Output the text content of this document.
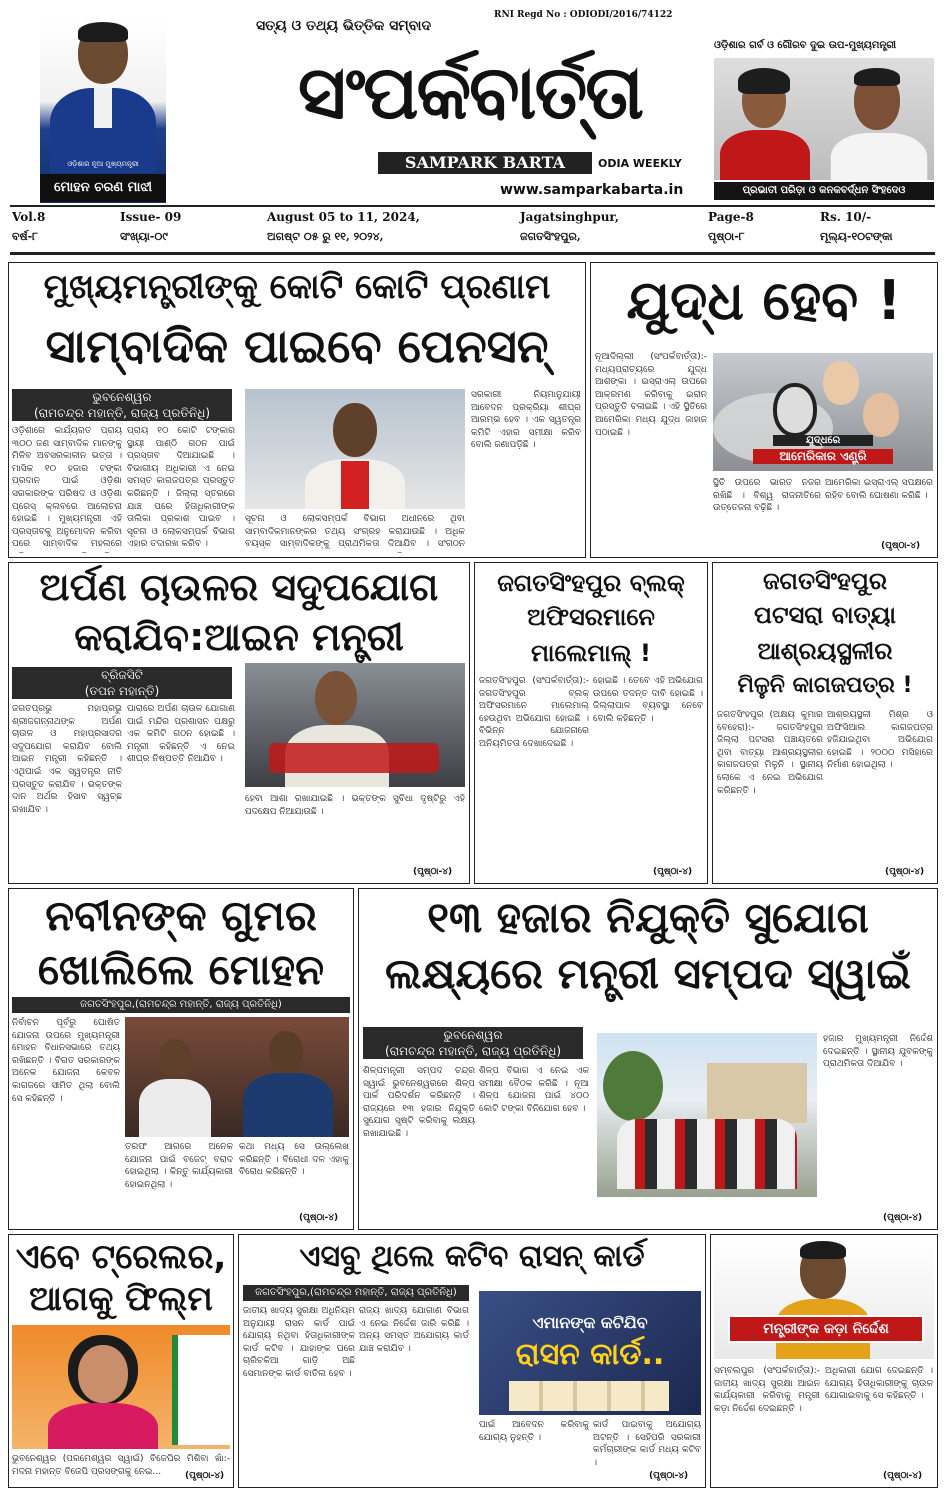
ଓଡ଼ିଶାର ନୂଆ ମୁଖ୍ୟମନ୍ତ୍ରୀ
ମୋହନ ଚରଣ ମାଝୀ
ସତ୍ୟ ଓ ତଥ୍ୟ ଭିତ୍ତିକ ସମ୍ବାଦ
RNI Regd No : ODIODI/2016/74122
ସଂପର୍କବାର୍ତ୍ତା
SAMPARK BARTA	ODIA WEEKLY
www.samparkabarta.in
ଓଡ଼ିଶାର ଗର୍ବ ଓ ଗୌରବ ଦୁଇ ଉପ-ମୁଖ୍ୟମନ୍ତ୍ରୀ
ପ୍ରଭାତୀ ପରିଡ଼ା ଓ କନକବର୍ଦ୍ଧନ ସିଂହଦେଓ
Vol.8
ବର୍ଷ-୮
Issue- 09
ସଂଖ୍ୟା-୦୯
August 05 to 11, 2024,
ଅଗଷ୍ଟ ୦୫ ରୁ ୧୧, ୨୦୨୪,
Jagatsinghpur,
ଜଗତସିଂହପୁର,
Page-8
ପୃଷ୍ଠା-୮
Rs. 10/-
ମୂଲ୍ୟ-୧୦ଟଙ୍କା
ମୁଖ୍ୟମନ୍ତ୍ରୀଙ୍କୁ କୋଟି କୋଟି ପ୍ରଣାମ
ସାମ୍ବାଦିକ ପାଇବେ ପେନସନ୍
ଭୁବନେଶ୍ୱର
(ରାମଚନ୍ଦ୍ର ମହାନ୍ତି, ରାଜ୍ୟ ପ୍ରତିନିଧି)
ଓଡ଼ିଶାରେ କାର୍ଯ୍ୟରତ ପ୍ରାୟ ୩୦୦ ଜଣ ସାମ୍ବାଦିକ ମାନଙ୍କୁ ମିଳିବ ଅବସରକାଳୀନ ଭତ୍ତା । ମାସିକ ୧୦ ହଜାର ଟଙ୍କା ପ୍ରଦାନ ପାଇଁ ଓଡ଼ିଶା ସରକାରଙ୍କ ପରିଷଦ ଓ ଓଡ଼ିଶା ପ୍ରେସ୍ କ୍ଲବରେ ଆଲୋଚନା ହୋଇଛି । ମୁଖ୍ୟମନ୍ତ୍ରୀ ଏହି ପ୍ରସ୍ତାବକୁ ଅନୁମୋଦନ କରିବା ପରେ ସାମ୍ବାଦିକ ମହଲରେ
ପ୍ରାୟ ୧୦ କୋଟି ଟଙ୍କାର ସ୍ଥାୟୀ ପାଣ୍ଠି ଗଠନ ପାଇଁ ପ୍ରସ୍ତାବ ଦିଆଯାଇଛି । ବିଭାଗୀୟ ଅଧିକାରୀ ଏ ନେଇ ସମସ୍ତ କାଗଜପତ୍ର ପ୍ରସ୍ତୁତ କରିଛନ୍ତି । ଜିଲ୍ଲା ସ୍ତରରେ ଯାଞ୍ଚ ପରେ ହିତାଧିକାରୀଙ୍କ ତାଲିକା ପ୍ରକାଶ ପାଇବ । ସୂଚନା ଓ ଲୋକସମ୍ପର୍କ ବିଭାଗ ଏହାର ତଦାରଖ କରିବ ।
ସୂଚନା ଓ ଲୋକସମ୍ପର୍କ ବିଭାଗ ଅଧୀନରେ ଥିବା ସାମ୍ବାଦିକମାନଙ୍କର ତଥ୍ୟ ସଂଗ୍ରହ କରାଯାଉଛି । ଅଧିକ ବୟସ୍କ ସାମ୍ବାଦିକଙ୍କୁ ପ୍ରାଥମିକତା ଦିଆଯିବ । ସଂଗଠନ
ସରକାରୀ ନିୟମାନୁଯାୟୀ ଆବେଦନ ପ୍ରକ୍ରିୟା ଶୀଘ୍ର ଆରମ୍ଭ ହେବ । ଏକ ସ୍ୱତନ୍ତ୍ର କମିଟି ଏହାର ସମୀକ୍ଷା କରିବ ବୋଲି ଜଣାପଡ଼ିଛି ।
ଯୁଦ୍ଧ ହେବ !
ନୂଆଦିଲ୍ଲୀ (ସଂପର୍କବାର୍ତ୍ତା):- ମଧ୍ୟପ୍ରାଚ୍ୟରେ ଯୁଦ୍ଧ ଆଶଙ୍କା । ଇସ୍ରାଏଲ୍ ଉପରେ ଆକ୍ରମଣ କରିବାକୁ ଇରାନ୍ ପ୍ରସ୍ତୁତି ଚଳାଇଛି । ଏହି ସ୍ଥିତିରେ ଆମେରିକା ମଧ୍ୟ ଯୁଦ୍ଧ ଜାହାଜ ପଠାଇଛି ।
ଯୁଦ୍ଧରେ
ଆମେରିକାର ଏଣ୍ଟ୍ରି
ସ୍ଥିତି ଉପରେ ଭାରତ ନଜର ରଖିଛି । ବିଶ୍ୱ ରାଜନୀତିରେ ଉତ୍ତେଜନା ବଢ଼ିଛି ।
ଆମେରିକା ଇସ୍ରାଏଲ୍ ସପକ୍ଷରେ ରହିବ ବୋଲି ଘୋଷଣା କରିଛି ।
(ପୃଷ୍ଠା-୪)
ଅର୍ପଣ ଚାଉଳର ସଦୁପଯୋଗ
କରାଯିବ:ଆଇନ ମନ୍ତ୍ରୀ
ବ୍ରିଜସିଟି
(ତପନ ମହାନ୍ତି)
ଜଗତପ୍ରଭୁ ମହାପ୍ରଭୁ ଶ୍ରୀଜଗନ୍ନାଥଙ୍କ ଅର୍ପଣ ଚାଉଳ ଓ ମହାପ୍ରସାଦର ସଦୁପଯୋଗ କରାଯିବ ବୋଲି ଆଇନ ମନ୍ତ୍ରୀ କହିଛନ୍ତି । ଏଥିପାଇଁ ଏକ ସ୍ୱତନ୍ତ୍ର ନୀତି ପ୍ରସ୍ତୁତ କରାଯିବ । ଭକ୍ତଙ୍କ ଦାନ ଅର୍ଥର ହିସାବ ସ୍ୱଚ୍ଛ ରଖାଯିବ ।
ପାରାରେ ଅର୍ପଣ ଚାଉଳ ଯୋଗାଣ ପାଇଁ ମନ୍ଦିର ପ୍ରଶାସନ ପକ୍ଷରୁ ଏକ କମିଟି ଗଠନ ହୋଇଛି । ମନ୍ତ୍ରୀ କହିଛନ୍ତି ଏ ନେଇ ଶୀଘ୍ର ନିଷ୍ପତ୍ତି ନିଆଯିବ ।
ହେବା ଆଶା ରଖାଯାଇଛି । ଭକ୍ତଙ୍କ ସୁବିଧା ଦୃଷ୍ଟିରୁ ଏହି ପଦକ୍ଷେପ ନିଆଯାଉଛି ।
(ପୃଷ୍ଠା-୪)
ଜଗତସିଂହପୁର ବ୍ଲକ୍
ଅଫିସରମାନେ
ମାଲେମାଲ୍ !
ଜଗତସିଂହପୁର (ସଂପର୍କବାର୍ତ୍ତା):- ଜଗତସିଂହପୁର ବ୍ଲକ୍ ଅଫିସରମାନେ ମାଲେମାଲ୍ ହେଉଥିବା ଅଭିଯୋଗ ହୋଇଛି । ବିଭିନ୍ନ ଯୋଜନାରେ ଅନିୟମିତତା ଦେଖାଦେଇଛି ।
ହୋଇଛି । ତେବେ ଏହି ଅଭିଯୋଗ ଉପରେ ତଦନ୍ତ ଦାବି ହୋଇଛି । ଜିଲ୍ଲାପାଳ ବ୍ୟବସ୍ଥା ନେବେ ବୋଲି କହିଛନ୍ତି ।
(ପୃଷ୍ଠା-୪)
ଜଗତସିଂହପୁର
ପଟସରା ବାତ୍ୟା
ଆଶ୍ରୟସ୍ଥଳୀର
ମିଳୁନି କାଗଜପତ୍ର !
ଜଗତସିଂହପୁର (ଅକ୍ଷୟ କୁମାର ବେହେରା):- ଜଗତସିଂହପୁର ଜିଲ୍ଲା ପଟସରା ପଞ୍ଚାୟତରେ ଥିବା ବାତ୍ୟା ଆଶ୍ରୟସ୍ଥଳୀର କାଗଜପତ୍ର ମିଳୁନି । ସ୍ଥାନୀୟ ଲୋକେ ଏ ନେଇ ଅଭିଯୋଗ କରିଛନ୍ତି ।
ଆଶ୍ରୟସ୍ଥଳୀ ମିଶ୍ର ଓ ଅଫିସିଆଲ କାଗଜପତ୍ର ହଜିଯାଇଥିବା ଅଭିଯୋଗ ହୋଇଛି । ୨୦୦୦ ମସିହାରେ ନିର୍ମାଣ ହୋଇଥିଲା ।
(ପୃଷ୍ଠା-୪)
ନବୀନଙ୍କ ଗୁମର
ଖୋଲିଲେ ମୋହନ
ଜଗତସିଂହପୁର,(ରାମଚନ୍ଦ୍ର ମହାନ୍ତି, ରାଜ୍ୟ ପ୍ରତିନିଧି)
ନିର୍ବାଚନ ପୂର୍ବରୁ ଘୋଷିତ ଯୋଜନା ଉପରେ ମୁଖ୍ୟମନ୍ତ୍ରୀ ମୋହନ ବିଧାନସଭାରେ ତଥ୍ୟ ରଖିଛନ୍ତି । ବିଗତ ସରକାରଙ୍କ ଅନେକ ଯୋଜନା କେବଳ କାଗଜରେ ସୀମିତ ଥିଲା ବୋଲି ସେ କହିଛନ୍ତି ।
ତରଫ ଆଗରେ ଅନେକ ଯୋଜନା ପାଇଁ ବଜେଟ୍ ବରାଦ ହୋଇଥିଲା । କିନ୍ତୁ କାର୍ଯ୍ୟକାରୀ ହୋଇନଥିଲା ।
କଥା ମଧ୍ୟ ସେ ଉଲ୍ଲେଖ କରିଛନ୍ତି । ବିରୋଧୀ ଦଳ ଏହାକୁ ବିରୋଧ କରିଛନ୍ତି ।
(ପୃଷ୍ଠା-୪)
୧୩ ହଜାର ନିଯୁକ୍ତି ସୁଯୋଗ
ଲକ୍ଷ୍ୟରେ ମନ୍ତ୍ରୀ ସମ୍ପଦ ସ୍ୱାଇଁ
ଭୁବନେଶ୍ୱର
(ରାମଚନ୍ଦ୍ର ମହାନ୍ତି, ରାଜ୍ୟ ପ୍ରତିନିଧି)
ଶିଳ୍ପମନ୍ତ୍ରୀ ସମ୍ପଦ ଚନ୍ଦ୍ର ସ୍ୱାଇଁ ଭୁବନେଶ୍ୱରରେ ଶିଳ୍ପ ପାର୍କ ପରିଦର୍ଶନ କରିଛନ୍ତି । ରାଜ୍ୟରେ ୧୩ ହଜାର ନିଯୁକ୍ତି ସୁଯୋଗ ସୃଷ୍ଟି କରିବାକୁ ଲକ୍ଷ୍ୟ ରଖାଯାଇଛି ।
ଶିଳ୍ପ ବିଭାଗ ଏ ନେଇ ଏକ ସମୀକ୍ଷା ବୈଠକ କରିଛି । ନୂଆ ଶିଳ୍ପ ଯୋଜନା ପାଇଁ ୪୦୦ କୋଟି ଟଙ୍କା ବିନିଯୋଗ ହେବ ।
ହଜାର ମୁଖ୍ୟମନ୍ତ୍ରୀ ନିର୍ଦ୍ଦେଶ ଦେଇଛନ୍ତି । ସ୍ଥାନୀୟ ଯୁବକଙ୍କୁ ପ୍ରାଥମିକତା ଦିଆଯିବ ।
(ପୃଷ୍ଠା-୪)
ଏବେ ଟ୍ରେଲର,
ଆଗକୁ ଫିଲ୍ମ
ଭୁବନେଶ୍ୱର (ପରମେଶ୍ୱର ସ୍ୱାଇଁ) ବିଜେପିର ମିଶିବା ଖାଁ:- ମଦନା ମହାନ୍ତ ବିଜେପି ପ୍ରସଙ୍ଗକୁ ନେଇ...	(ପୃଷ୍ଠା-୪)
ଏସବୁ ଥିଲେ କଟିବ ରାସନ୍ କାର୍ଡ
ଜଗତସିଂହପୁର,(ରାମଚନ୍ଦ୍ର ମହାନ୍ତି, ରାଜ୍ୟ ପ୍ରତିନିଧି)
ଜାତୀୟ ଖାଦ୍ୟ ସୁରକ୍ଷା ଅଧିନିୟମ ଅନୁଯାୟୀ ରାସନ କାର୍ଡ ପାଇଁ ଯୋଗ୍ୟ ନଥିବା ହିତାଧିକାରୀଙ୍କ କାର୍ଡ କଟିବ । ଯାହାଙ୍କ ଘରେ ଚାରିଚକିଆ ଗାଡ଼ି ଅଛି ସେମାନଙ୍କ କାର୍ଡ ବାତିଲ ହେବ ।
ରାଜ୍ୟ ଖାଦ୍ୟ ଯୋଗାଣ ବିଭାଗ ଏ ନେଇ ନିର୍ଦ୍ଦେଶ ଜାରି କରିଛି । ଅନ୍ୟ ସମସ୍ତ ଅଯୋଗ୍ୟ କାର୍ଡ ଯାଞ୍ଚ କରାଯିବ ।
ଏମାନଙ୍କ କଟିଯିବ
ରାସନ କାର୍ଡ..
ପାଇଁ ଆବେଦନ କରିବାକୁ ଯୋଗ୍ୟ ନୁହନ୍ତି ।
କାର୍ଡ ପାଇବାକୁ ଅଯୋଗ୍ୟ ଅଟନ୍ତି । ସେହିପରି ସରକାରୀ କର୍ମଚାରୀଙ୍କ କାର୍ଡ ମଧ୍ୟ କଟିବ ।
(ପୃଷ୍ଠା-୪)
ମନ୍ତ୍ରୀଙ୍କ କଡ଼ା ନିର୍ଦ୍ଦେଶ
ସମ୍ବଲପୁର (ସଂପର୍କବାର୍ତ୍ତା):- ଜାତୀୟ ଖାଦ୍ୟ ସୁରକ୍ଷା ଆଇନ କାର୍ଯ୍ୟକାରୀ କରିବାକୁ ମନ୍ତ୍ରୀ କଡ଼ା ନିର୍ଦ୍ଦେଶ ଦେଇଛନ୍ତି ।
ଅଧିକାରୀ ଯୋଗ ଦେଇଛନ୍ତି । ଯୋଗ୍ୟ ହିତାଧିକାରୀଙ୍କୁ ଚାଉଳ ଯୋଗାଇବାକୁ ସେ କହିଛନ୍ତି ।
(ପୃଷ୍ଠା-୪)
